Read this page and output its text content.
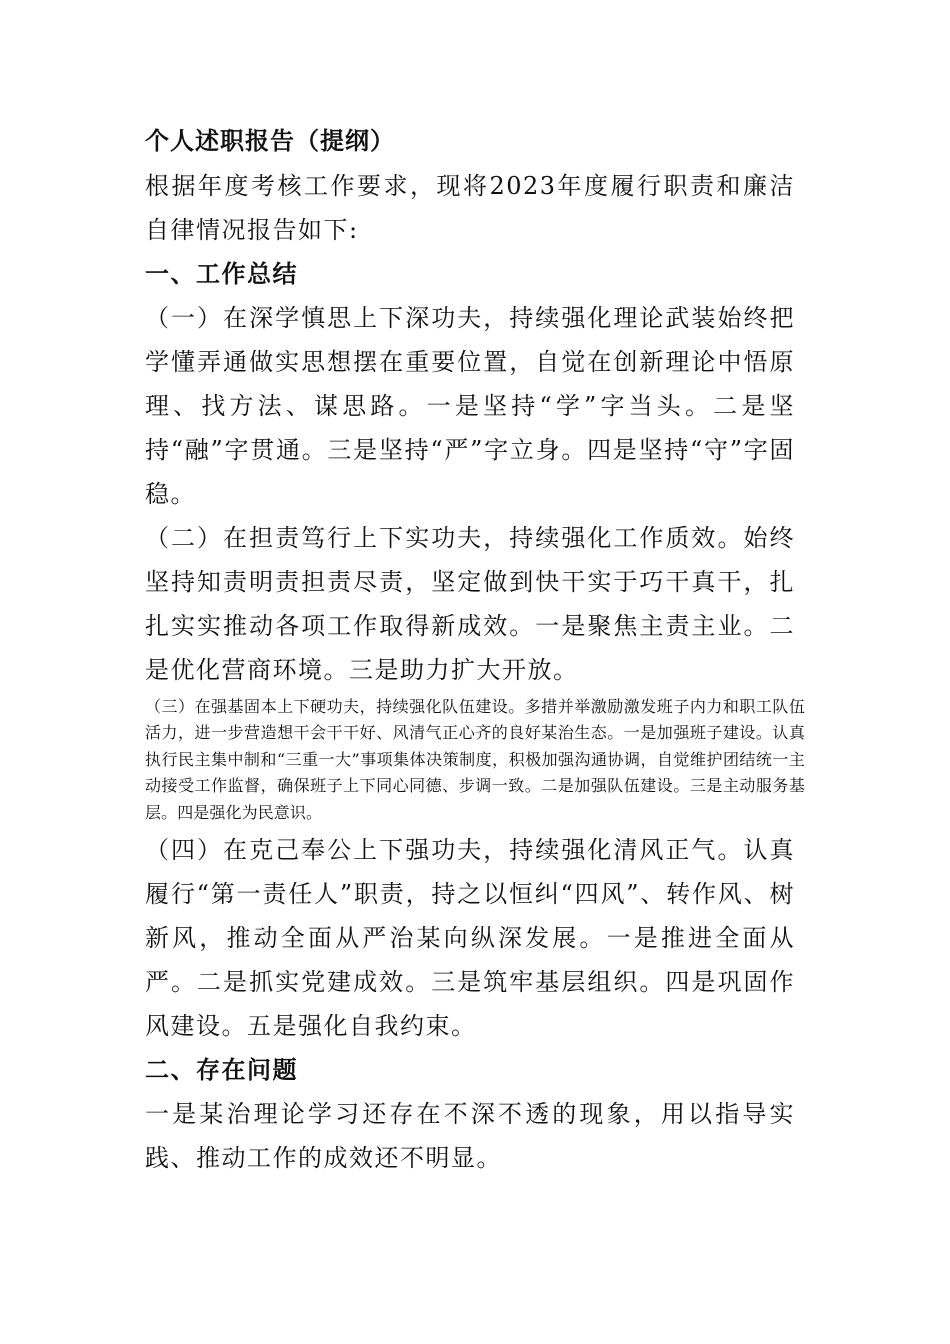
个人述职报告（提纲）

根据年度考核工作要求，现将2023年度履行职责和廉洁自律情况报告如下:

一、工作总结

（一）在深学慎思上下深功夫，持续强化理论武装始终把学懂弄通做实思想摆在重要位置，自觉在创新理论中悟原理、找方法、谋思路。一是坚持“学”字当头。二是坚持“融”字贯通。三是坚持“严”字立身。四是坚持“守”字固稳。

（二）在担责笃行上下实功夫，持续强化工作质效。始终坚持知责明责担责尽责，坚定做到快干实于巧干真干，扎扎实实推动各项工作取得新成效。一是聚焦主责主业。二是优化营商环境。三是助力扩大开放。

（三）在强基固本上下硬功夫，持续强化队伍建设。多措并举激励激发班子内力和职工队伍活力，进一步营造想干会干干好、风清气正心齐的良好某治生态。一是加强班子建设。认真执行民主集中制和“三重一大”事项集体决策制度，积极加强沟通协调，自觉维护团结统一主动接受工作监督，确保班子上下同心同德、步调一致。二是加强队伍建设。三是主动服务基层。四是强化为民意识。

（四）在克己奉公上下强功夫，持续强化清风正气。认真履行“第一责任人”职责，持之以恒纠“四风”、转作风、树新风，推动全面从严治某向纵深发展。一是推进全面从严。二是抓实党建成效。三是筑牢基层组织。四是巩固作风建设。五是强化自我约束。

二、存在问题

一是某治理论学习还存在不深不透的现象，用以指导实践、推动工作的成效还不明显。
